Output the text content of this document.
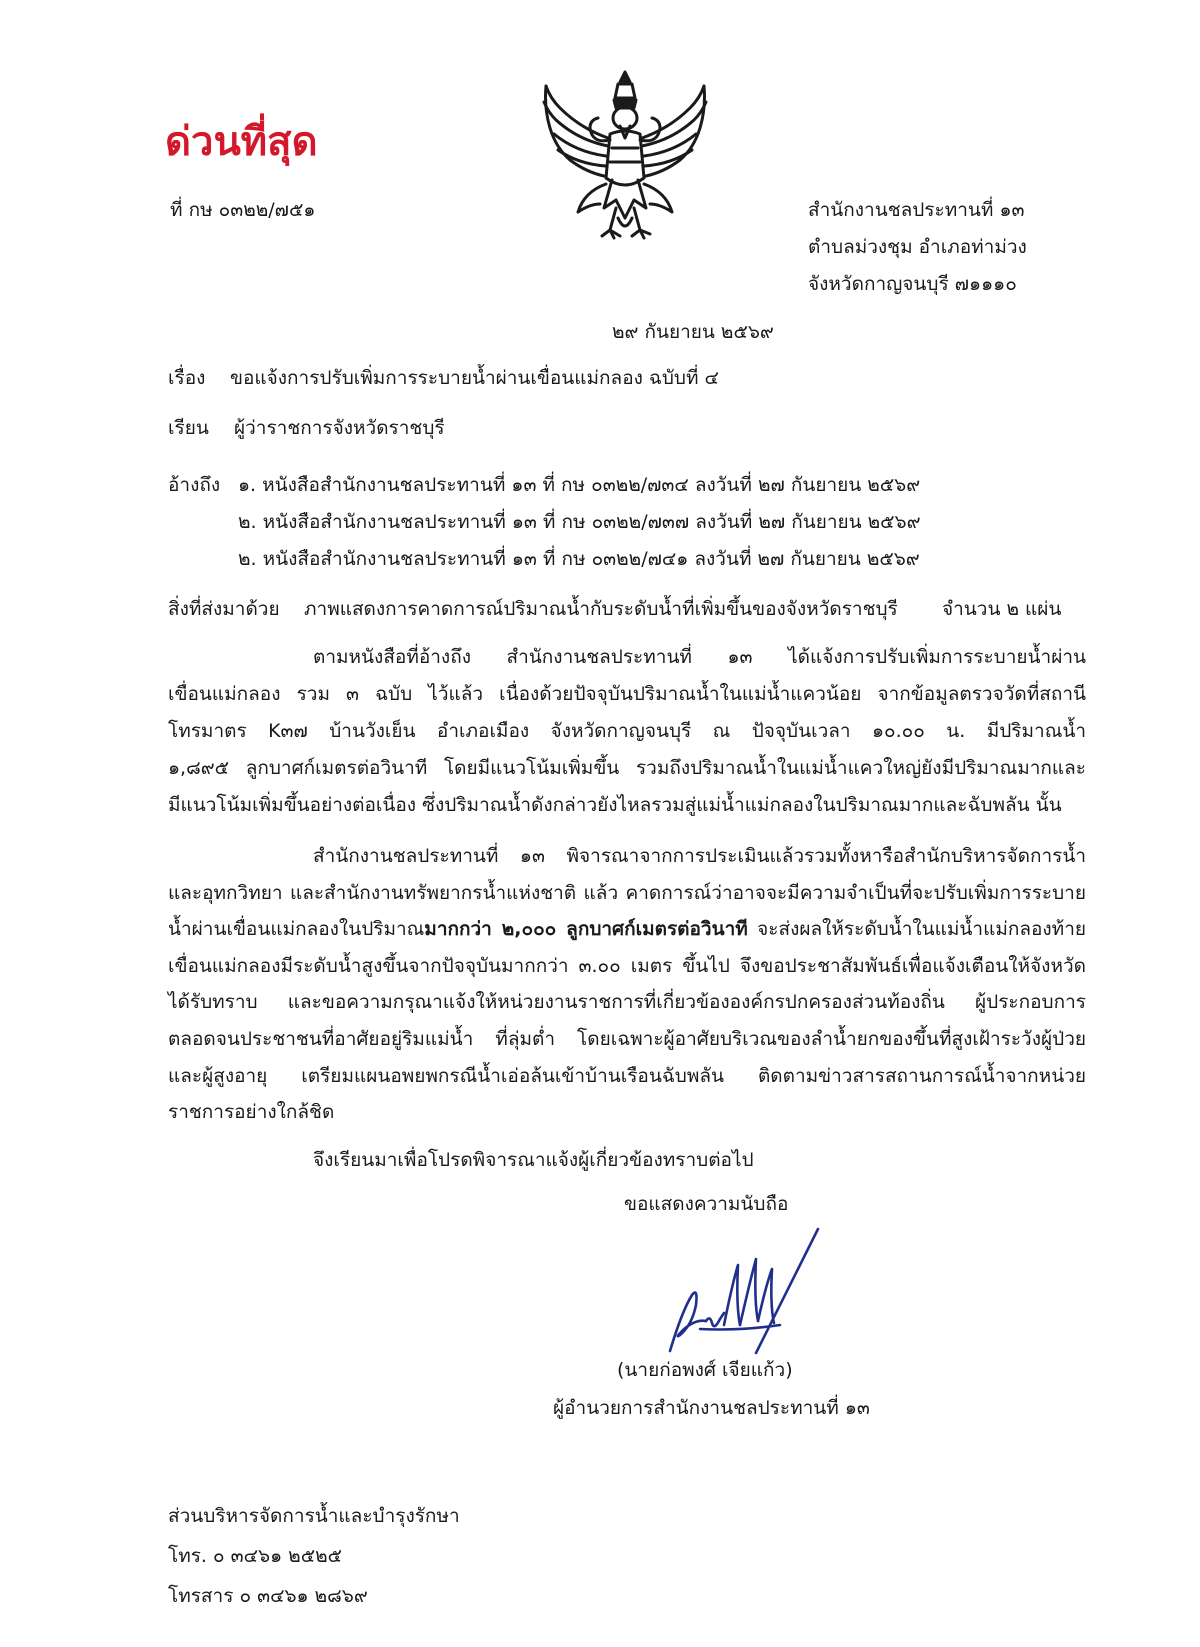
ด่วนที่สุด
ที่ กษ ๐๓๒๒/๗๕๑	สำนักงานชลประทานที่ ๑๓
ตำบลม่วงชุม อำเภอท่าม่วง
จังหวัดกาญจนบุรี ๗๑๑๑๐
๒๙ กันยายน ๒๕๖๙
เรื่อง ขอแจ้งการปรับเพิ่มการระบายน้ำผ่านเขื่อนแม่กลอง ฉบับที่ ๔
เรียน ผู้ว่าราชการจังหวัดราชบุรี
อ้างถึง ๑. หนังสือสำนักงานชลประทานที่ ๑๓ ที่ กษ ๐๓๒๒/๗๓๔ ลงวันที่ ๒๗ กันยายน ๒๕๖๙
๒. หนังสือสำนักงานชลประทานที่ ๑๓ ที่ กษ ๐๓๒๒/๗๓๗ ลงวันที่ ๒๗ กันยายน ๒๕๖๙
๒. หนังสือสำนักงานชลประทานที่ ๑๓ ที่ กษ ๐๓๒๒/๗๔๑ ลงวันที่ ๒๗ กันยายน ๒๕๖๙
สิ่งที่ส่งมาด้วย ภาพแสดงการคาดการณ์ปริมาณน้ำกับระดับน้ำที่เพิ่มขึ้นของจังหวัดราชบุรี จำนวน ๒ แผ่น
ตามหนังสือที่อ้างถึง สำนักงานชลประทานที่ ๑๓ ได้แจ้งการปรับเพิ่มการระบายน้ำผ่าน
เขื่อนแม่กลอง รวม ๓ ฉบับ ไว้แล้ว เนื่องด้วยปัจจุบันปริมาณน้ำในแม่น้ำแควน้อย จากข้อมูลตรวจวัดที่สถานี
โทรมาตร K๓๗ บ้านวังเย็น อำเภอเมือง จังหวัดกาญจนบุรี ณ ปัจจุบันเวลา ๑๐.๐๐ น. มีปริมาณน้ำ
๑,๘๙๕ ลูกบาศก์เมตรต่อวินาที โดยมีแนวโน้มเพิ่มขึ้น รวมถึงปริมาณน้ำในแม่น้ำแควใหญ่ยังมีปริมาณมากและ
มีแนวโน้มเพิ่มขึ้นอย่างต่อเนื่อง ซึ่งปริมาณน้ำดังกล่าวยังไหลรวมสู่แม่น้ำแม่กลองในปริมาณมากและฉับพลัน นั้น

สำนักงานชลประทานที่ ๑๓ พิจารณาจากการประเมินแล้วรวมทั้งหารือสำนักบริหารจัดการน้ำและอุทกวิทยา และสำนักงานทรัพยากรน้ำแห่งชาติ แล้ว คาดการณ์ว่าอาจจะมีความจำเป็นที่จะปรับเพิ่มการระบายน้ำผ่านเขื่อนแม่กลองในปริมาณมากกว่า ๒,๐๐๐ ลูกบาศก์เมตรต่อวินาที จะส่งผลให้ระดับน้ำในแม่น้ำแม่กลองท้ายเขื่อนแม่กลองมีระดับน้ำสูงขึ้นจากปัจจุบันมากกว่า ๓.๐๐ เมตร ขึ้นไป จึงขอประชาสัมพันธ์เพื่อแจ้งเตือนให้จังหวัดได้รับทราบ และขอความกรุณาแจ้งให้หน่วยงานราชการที่เกี่ยวข้ององค์กรปกครองส่วนท้องถิ่น ผู้ประกอบการ ตลอดจนประชาชนที่อาศัยอยู่ริมแม่น้ำ ที่ลุ่มต่ำ โดยเฉพาะผู้อาศัยบริเวณของลำน้ำยกของขึ้นที่สูงเฝ้าระวังผู้ป่วยและผู้สูงอายุ เตรียมแผนอพยพกรณีน้ำเอ่อล้นเข้าบ้านเรือนฉับพลัน ติดตามข่าวสารสถานการณ์น้ำจากหน่วยราชการอย่างใกล้ชิด

จึงเรียนมาเพื่อโปรดพิจารณาแจ้งผู้เกี่ยวข้องทราบต่อไป
ขอแสดงความนับถือ
(นายก่อพงศ์ เจียแก้ว)
ผู้อำนวยการสำนักงานชลประทานที่ ๑๓
ส่วนบริหารจัดการน้ำและบำรุงรักษา
โทร. ๐ ๓๔๖๑ ๒๕๒๕
โทรสาร ๐ ๓๔๖๑ ๒๘๖๙
